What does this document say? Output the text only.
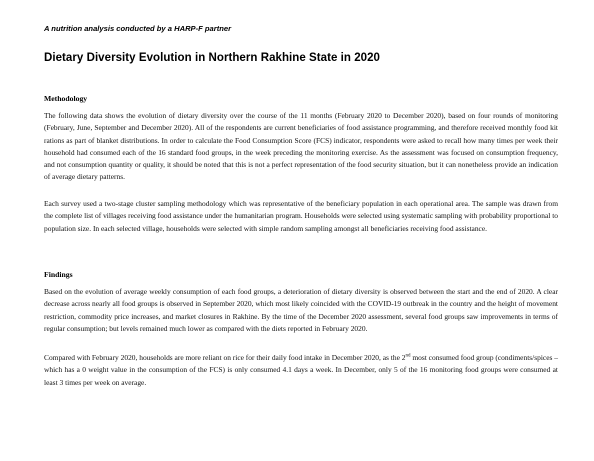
A nutrition analysis conducted by a HARP-F partner
Dietary Diversity Evolution in Northern Rakhine State in 2020
Methodology

The following data shows the evolution of dietary diversity over the course of the 11 months (February 2020 to December 2020), based on four rounds of monitoring (February, June, September and December 2020). All of the respondents are current beneficiaries of food assistance programming, and therefore received monthly food kit rations as part of blanket distributions. In order to calculate the Food Consumption Score (FCS) indicator, respondents were asked to recall how many times per week their household had consumed each of the 16 standard food groups, in the week preceding the monitoring exercise. As the assessment was focused on consumption frequency, and not consumption quantity or quality, it should be noted that this is not a perfect representation of the food security situation, but it can nonetheless provide an indication of average dietary patterns.

Each survey used a two-stage cluster sampling methodology which was representative of the beneficiary population in each operational area. The sample was drawn from the complete list of villages receiving food assistance under the humanitarian program. Households were selected using systematic sampling with probability proportional to population size. In each selected village, households were selected with simple random sampling amongst all beneficiaries receiving food assistance.

Findings

Based on the evolution of average weekly consumption of each food groups, a deterioration of dietary diversity is observed between the start and the end of 2020. A clear decrease across nearly all food groups is observed in September 2020, which most likely coincided with the COVID-19 outbreak in the country and the height of movement restriction, commodity price increases, and market closures in Rakhine. By the time of the December 2020 assessment, several food groups saw improvements in terms of regular consumption; but levels remained much lower as compared with the diets reported in February 2020.

Compared with February 2020, households are more reliant on rice for their daily food intake in December 2020, as the 2nd most consumed food group (condiments/spices – which has a 0 weight value in the consumption of the FCS) is only consumed 4.1 days a week. In December, only 5 of the 16 monitoring food groups were consumed at least 3 times per week on average.
